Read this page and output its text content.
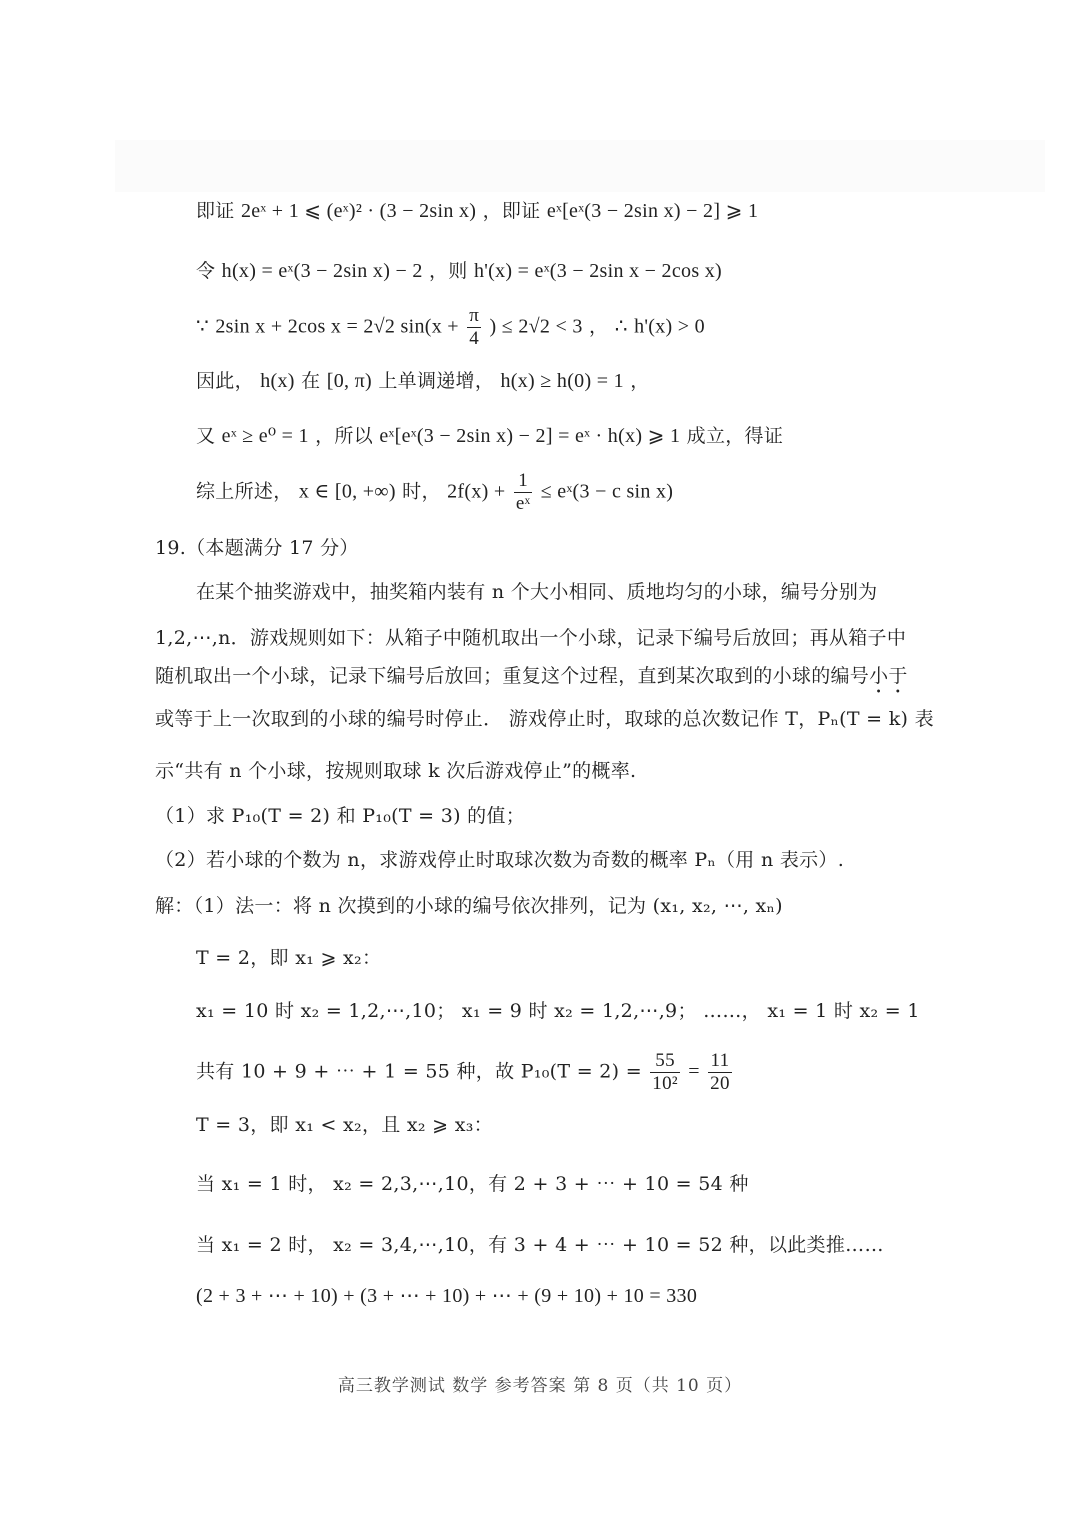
即证 2eˣ + 1 ⩽ (eˣ)² · (3 − 2sin x) ，即证 eˣ[eˣ(3 − 2sin x) − 2] ⩾ 1
令 h(x) = eˣ(3 − 2sin x) − 2 ，则 h'(x) = eˣ(3 − 2sin x − 2cos x)
∵ 2sin x + 2cos x = 2√2 $\sin(x + \frac{\pi}{4}$ ) ≤ 2√2 < 3 ， ∴ h'(x) > 0
因此， h(x) 在 [0, π) 上单调递增， h(x) ≥ h(0) = 1 ，
又 eˣ ≥ e⁰ = 1 ，所以 eˣ[eˣ(3 − 2sin x) − 2] = eˣ · h(x) ⩾ 1 成立，得证
综上所述， x ∈ [0, +∞) 时， $2f(x) + \frac{1}{\text{eˣ}}$ ≤ eˣ(3 − c sin x)
19.（本题满分 17 分）
在某个抽奖游戏中，抽奖箱内装有 n 个大小相同、质地均匀的小球，编号分别为
1,2,⋯,n．游戏规则如下：从箱子中随机取出一个小球，记录下编号后放回；再从箱子中
随机取出一个小球，记录下编号后放回；重复这个过程，直到某次取到的小球的编号小于
或等于上一次取到的小球的编号时停止． 游戏停止时，取球的总次数记作 T，Pₙ(T = k) 表
示“共有 n 个小球，按规则取球 k 次后游戏停止”的概率.
（1）求 P₁₀(T = 2) 和 P₁₀(T = 3) 的值；
（2）若小球的个数为 n，求游戏停止时取球次数为奇数的概率 Pₙ（用 n 表示）.
解：（1）法一：将 n 次摸到的小球的编号依次排列，记为 (x₁, x₂, ⋯, xₙ)
T = 2，即 x₁ ⩾ x₂：
x₁ = 10 时 x₂ = 1,2,⋯,10； x₁ = 9 时 x₂ = 1,2,⋯,9； ……， x₁ = 1 时 x₂ = 1
共有 10 + 9 + ⋯ + 1 = 55 种，故 $P_{10}(T = 2) = \frac{55}{\text{10²}} = \frac{11}{20}$
T = 3，即 x₁ < x₂，且 x₂ ⩾ x₃：
当 x₁ = 1 时， x₂ = 2,3,⋯,10，有 2 + 3 + ⋯ + 10 = 54 种
当 x₁ = 2 时， x₂ = 3,4,⋯,10，有 3 + 4 + ⋯ + 10 = 52 种，以此类推……
(2 + 3 + ⋯ + 10) + (3 + ⋯ + 10) + ⋯ + (9 + 10) + 10 = 330
高三教学测试 数学 参考答案 第 8 页（共 10 页）
